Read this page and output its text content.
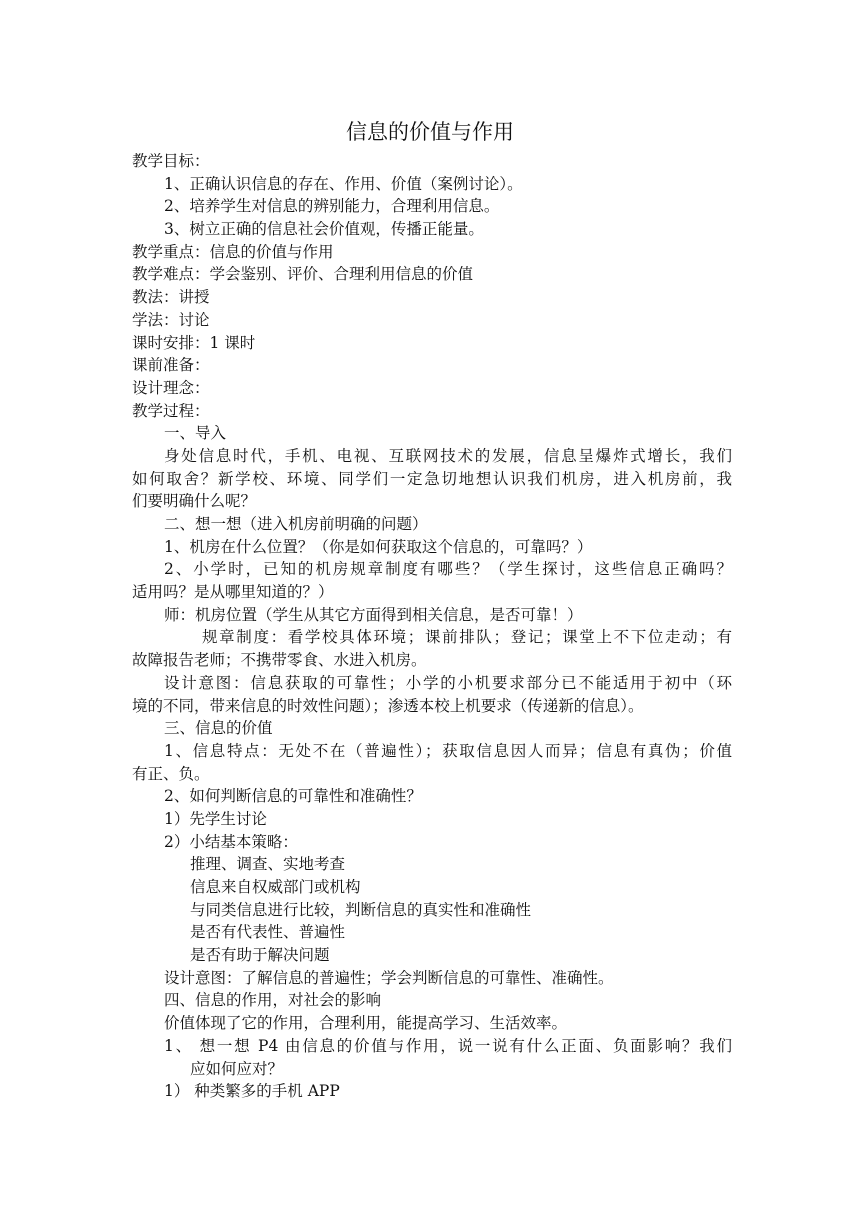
信息的价值与作用
教学目标：
1、正确认识信息的存在、作用、价值（案例讨论）。
2、培养学生对信息的辨别能力，合理利用信息。
3、树立正确的信息社会价值观，传播正能量。
教学重点：信息的价值与作用
教学难点：学会鉴别、评价、合理利用信息的价值
教法：讲授
学法：讨论
课时安排：1 课时
课前准备：
设计理念：
教学过程：
一、导入
身处信息时代，手机、电视、互联网技术的发展，信息呈爆炸式增长，我们
如何取舍？新学校、环境、同学们一定急切地想认识我们机房，进入机房前，我
们要明确什么呢？
二、想一想（进入机房前明确的问题）
1、机房在什么位置？（你是如何获取这个信息的，可靠吗？）
2、小学时，已知的机房规章制度有哪些？（学生探讨，这些信息正确吗？
适用吗？是从哪里知道的？）
师：机房位置（学生从其它方面得到相关信息，是否可靠！）
规章制度：看学校具体环境；课前排队；登记；课堂上不下位走动；有
故障报告老师；不携带零食、水进入机房。
设计意图：信息获取的可靠性；小学的小机要求部分已不能适用于初中（环
境的不同，带来信息的时效性问题）；渗透本校上机要求（传递新的信息）。
三、信息的价值
1、信息特点：无处不在（普遍性）；获取信息因人而异；信息有真伪；价值
有正、负。
2、如何判断信息的可靠性和准确性？
1）先学生讨论
2）小结基本策略：
推理、调查、实地考查
信息来自权威部门或机构
与同类信息进行比较，判断信息的真实性和准确性
是否有代表性、普遍性
是否有助于解决问题
设计意图：了解信息的普遍性；学会判断信息的可靠性、准确性。
四、信息的作用，对社会的影响
价值体现了它的作用，合理利用，能提高学习、生活效率。
1、 想一想 P4 由信息的价值与作用，说一说有什么正面、负面影响？我们
应如何应对？
1） 种类繁多的手机 APP
